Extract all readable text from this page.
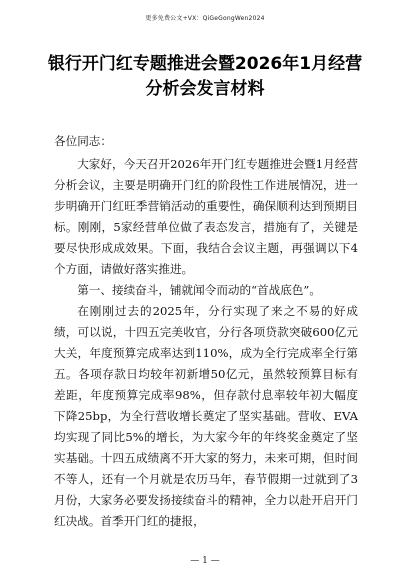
更多免费公文+VX：QiGeGongWen2024
银行开门红专题推进会暨2026年1月经营分析会发言材料

各位同志：

大家好，今天召开2026年开门红专题推进会暨1月经营分析会议，主要是明确开门红的阶段性工作进展情况，进一步明确开门红旺季营销活动的重要性，确保顺利达到预期目标。刚刚，5家经营单位做了表态发言，措施有了，关键是要尽快形成成效果。下面，我结合会议主题，再强调以下4个方面，请做好落实推进。

第一、接续奋斗，铺就闻令而动的“首战底色”。

在刚刚过去的2025年，分行实现了来之不易的好成绩，可以说，十四五完美收官，分行各项贷款突破600亿元大关，年度预算完成率达到110%，成为全行完成率全行第五。各项存款日均较年初新增50亿元，虽然较预算目标有差距，年度预算完成率98%，但存款付息率较年初大幅度下降25bp，为全行营收增长奠定了坚实基础。营收、EVA均实现了同比5%的增长，为大家今年的年终奖金奠定了坚实基础。十四五成绩离不开大家的努力，未来可期，但时间不等人，还有一个月就是农历马年，春节假期一过就到了3月份，大家务必要发扬接续奋斗的精神，全力以赴开启开门红决战。首季开门红的捷报，

— 1 —
